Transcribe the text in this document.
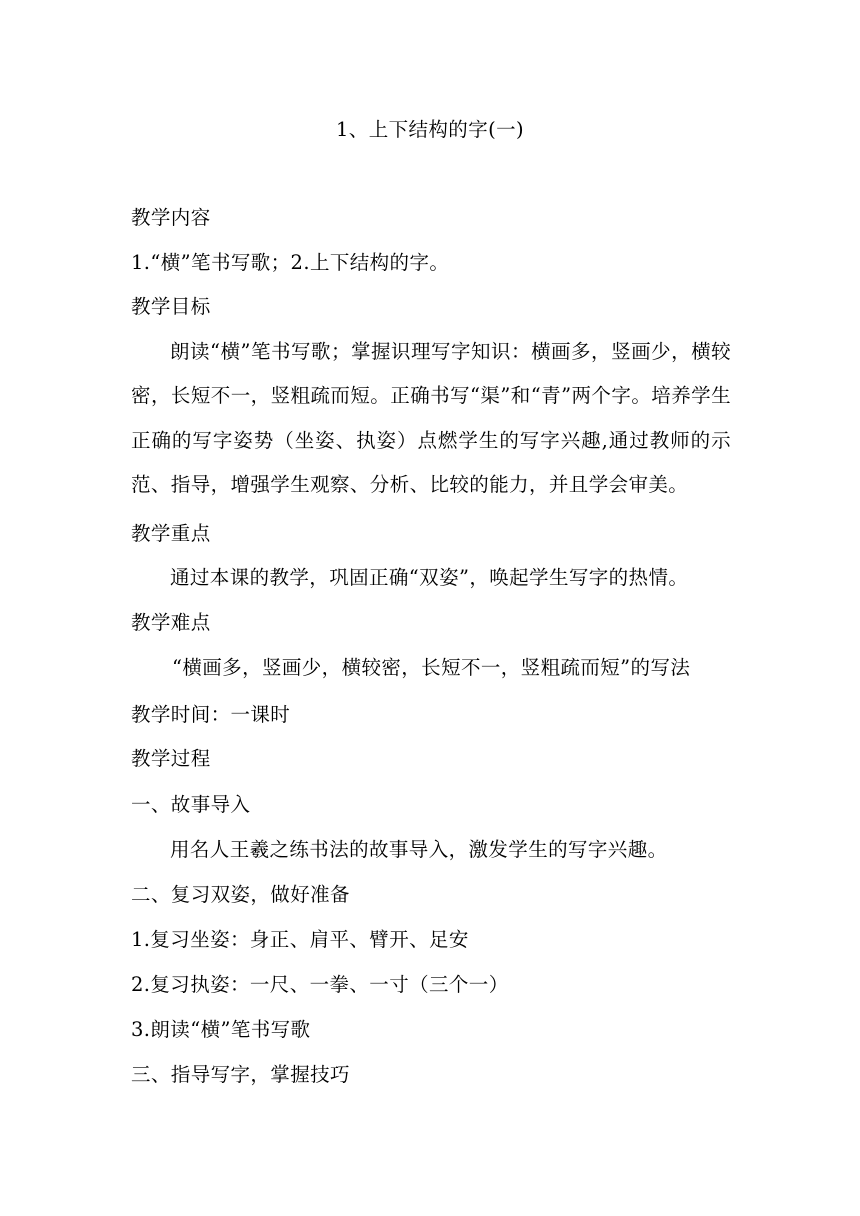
1、上下结构的字(一)
教学内容
1.“横”笔书写歌；2.上下结构的字。
教学目标
朗读“横”笔书写歌；掌握识理写字知识：横画多，竖画少，横较密，长短不一，竖粗疏而短。正确书写“渠”和“青”两个字。培养学生正确的写字姿势（坐姿、执姿）点燃学生的写字兴趣,通过教师的示范、指导，增强学生观察、分析、比较的能力，并且学会审美。
教学重点
通过本课的教学，巩固正确“双姿”，唤起学生写字的热情。
教学难点
“横画多，竖画少，横较密，长短不一，竖粗疏而短”的写法
教学时间：一课时
教学过程
一、故事导入
用名人王羲之练书法的故事导入，激发学生的写字兴趣。
二、复习双姿，做好准备
1.复习坐姿：身正、肩平、臂开、足安
2.复习执姿：一尺、一拳、一寸（三个一）
3.朗读“横”笔书写歌
三、指导写字，掌握技巧
